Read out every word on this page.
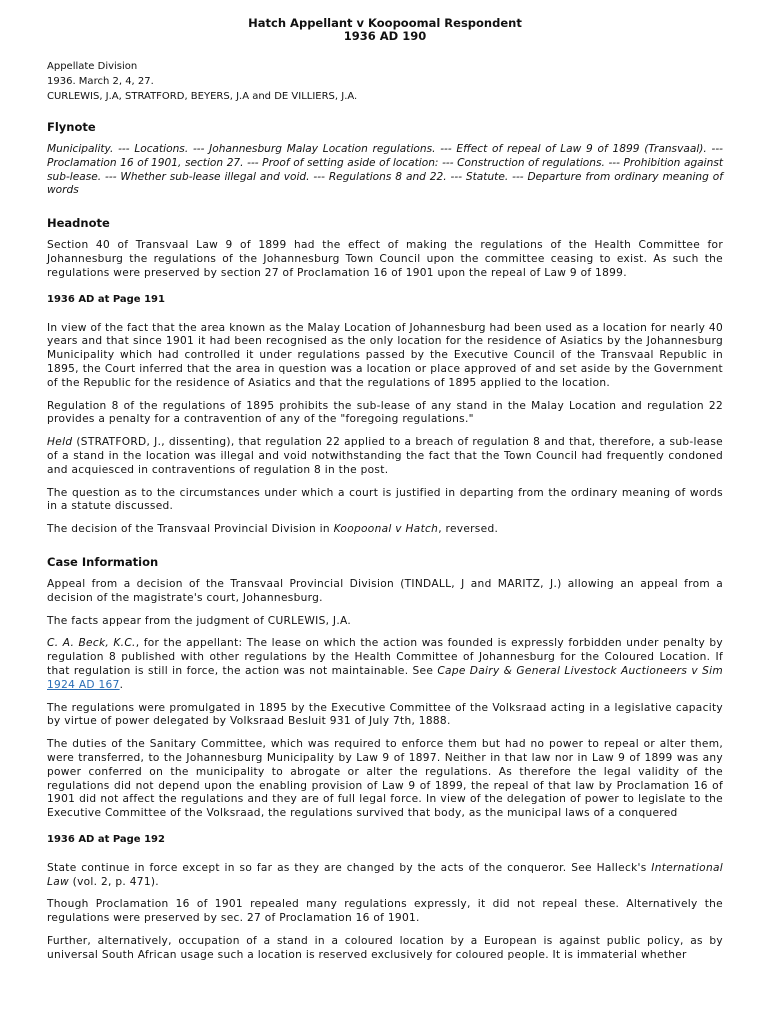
Hatch Appellant v Koopoomal Respondent
1936 AD 190
Appellate Division
1936. March 2, 4, 27.
CURLEWIS, J.A, STRATFORD, BEYERS, J.A and DE VILLIERS, J.A.
Flynote
Municipality. --- Locations. --- Johannesburg Malay Location regulations. --- Effect of repeal of Law 9 of 1899 (Transvaal). --- Proclamation 16 of 1901, section 27. --- Proof of setting aside of location: --- Construction of regulations. --- Prohibition against sub-lease. --- Whether sub-lease illegal and void. --- Regulations 8 and 22. --- Statute. --- Departure from ordinary meaning of words
Headnote

Section 40 of Transvaal Law 9 of 1899 had the effect of making the regulations of the Health Committee for Johannesburg the regulations of the Johannesburg Town Council upon the committee ceasing to exist. As such the regulations were preserved by section 27 of Proclamation 16 of 1901 upon the repeal of Law 9 of 1899.

1936 AD at Page 191

In view of the fact that the area known as the Malay Location of Johannesburg had been used as a location for nearly 40 years and that since 1901 it had been recognised as the only location for the residence of Asiatics by the Johannesburg Municipality which had controlled it under regulations passed by the Executive Council of the Transvaal Republic in 1895, the Court inferred that the area in question was a location or place approved of and set aside by the Government of the Republic for the residence of Asiatics and that the regulations of 1895 applied to the location.

Regulation 8 of the regulations of 1895 prohibits the sub-lease of any stand in the Malay Location and regulation 22 provides a penalty for a contravention of any of the "foregoing regulations."

Held (STRATFORD, J., dissenting), that regulation 22 applied to a breach of regulation 8 and that, therefore, a sub-lease of a stand in the location was illegal and void notwithstanding the fact that the Town Council had frequently condoned and acquiesced in contraventions of regulation 8 in the post.

The question as to the circumstances under which a court is justified in departing from the ordinary meaning of words in a statute discussed.

The decision of the Transvaal Provincial Division in Koopoonal v Hatch, reversed.

Case Information

Appeal from a decision of the Transvaal Provincial Division (TINDALL, J and MARITZ, J.) allowing an appeal from a decision of the magistrate's court, Johannesburg.

The facts appear from the judgment of CURLEWIS, J.A.

C. A. Beck, K.C., for the appellant: The lease on which the action was founded is expressly forbidden under penalty by regulation 8 published with other regulations by the Health Committee of Johannesburg for the Coloured Location. If that regulation is still in force, the action was not maintainable. See Cape Dairy & General Livestock Auctioneers v Sim 1924 AD 167.

The regulations were promulgated in 1895 by the Executive Committee of the Volksraad acting in a legislative capacity by virtue of power delegated by Volksraad Besluit 931 of July 7th, 1888.

The duties of the Sanitary Committee, which was required to enforce them but had no power to repeal or alter them, were transferred, to the Johannesburg Municipality by Law 9 of 1897. Neither in that law nor in Law 9 of 1899 was any power conferred on the municipality to abrogate or alter the regulations. As therefore the legal validity of the regulations did not depend upon the enabling provision of Law 9 of 1899, the repeal of that law by Proclamation 16 of 1901 did not affect the regulations and they are of full legal force. In view of the delegation of power to legislate to the Executive Committee of the Volksraad, the regulations survived that body, as the municipal laws of a conquered

1936 AD at Page 192

State continue in force except in so far as they are changed by the acts of the conqueror. See Halleck's International Law (vol. 2, p. 471).

Though Proclamation 16 of 1901 repealed many regulations expressly, it did not repeal these. Alternatively the regulations were preserved by sec. 27 of Proclamation 16 of 1901.

Further, alternatively, occupation of a stand in a coloured location by a European is against public policy, as by universal South African usage such a location is reserved exclusively for coloured people. It is immaterial whether
